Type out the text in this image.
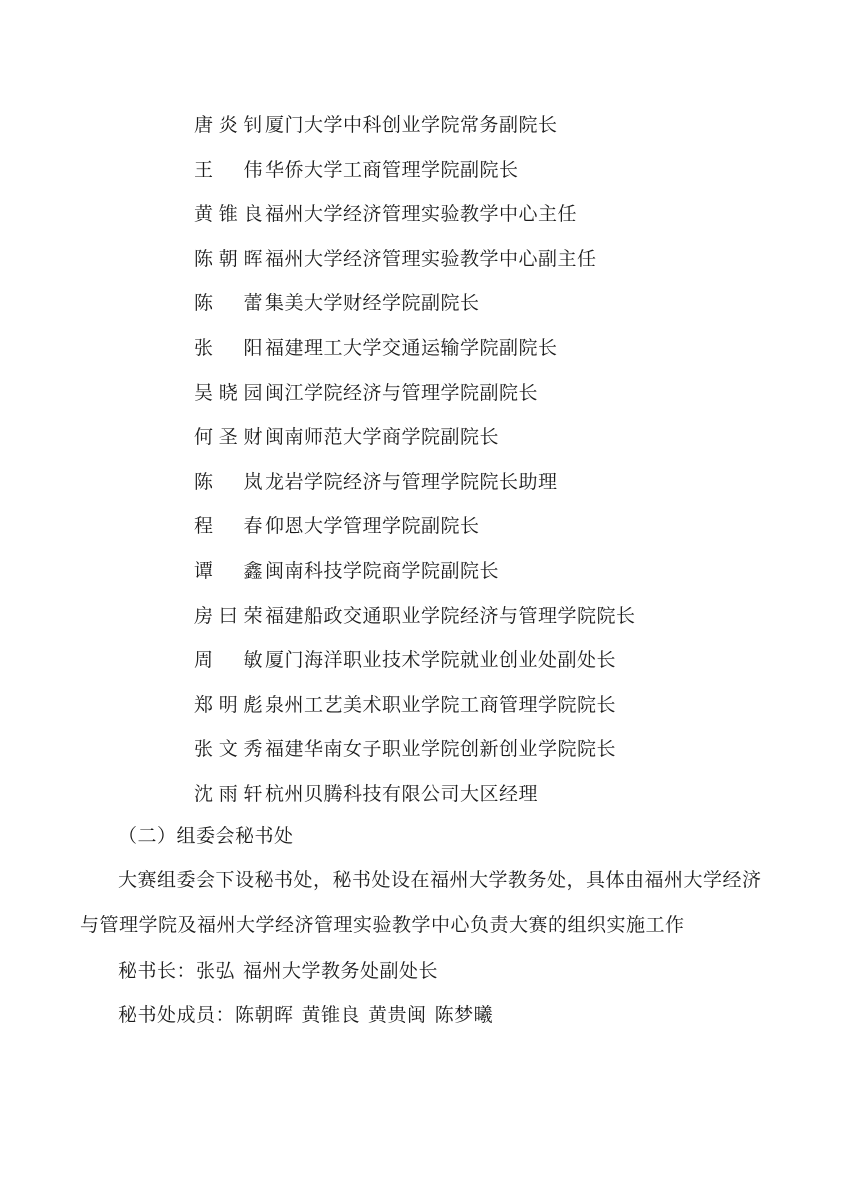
唐炎钊 厦门大学中科创业学院常务副院长
王伟 华侨大学工商管理学院副院长
黄锥良 福州大学经济管理实验教学中心主任
陈朝晖 福州大学经济管理实验教学中心副主任
陈蕾 集美大学财经学院副院长
张阳 福建理工大学交通运输学院副院长
吴晓园 闽江学院经济与管理学院副院长
何圣财 闽南师范大学商学院副院长
陈岚 龙岩学院经济与管理学院院长助理
程春 仰恩大学管理学院副院长
谭鑫 闽南科技学院商学院副院长
房曰荣 福建船政交通职业学院经济与管理学院院长
周敏 厦门海洋职业技术学院就业创业处副处长
郑明彪 泉州工艺美术职业学院工商管理学院院长
张文秀 福建华南女子职业学院创新创业学院院长
沈雨轩 杭州贝腾科技有限公司大区经理
（二）组委会秘书处
大赛组委会下设秘书处，秘书处设在福州大学教务处，具体由福州大学经济
与管理学院及福州大学经济管理实验教学中心负责大赛的组织实施工作
秘书长：张弘 福州大学教务处副处长
秘书处成员：陈朝晖 黄锥良 黄贵闽 陈梦曦
